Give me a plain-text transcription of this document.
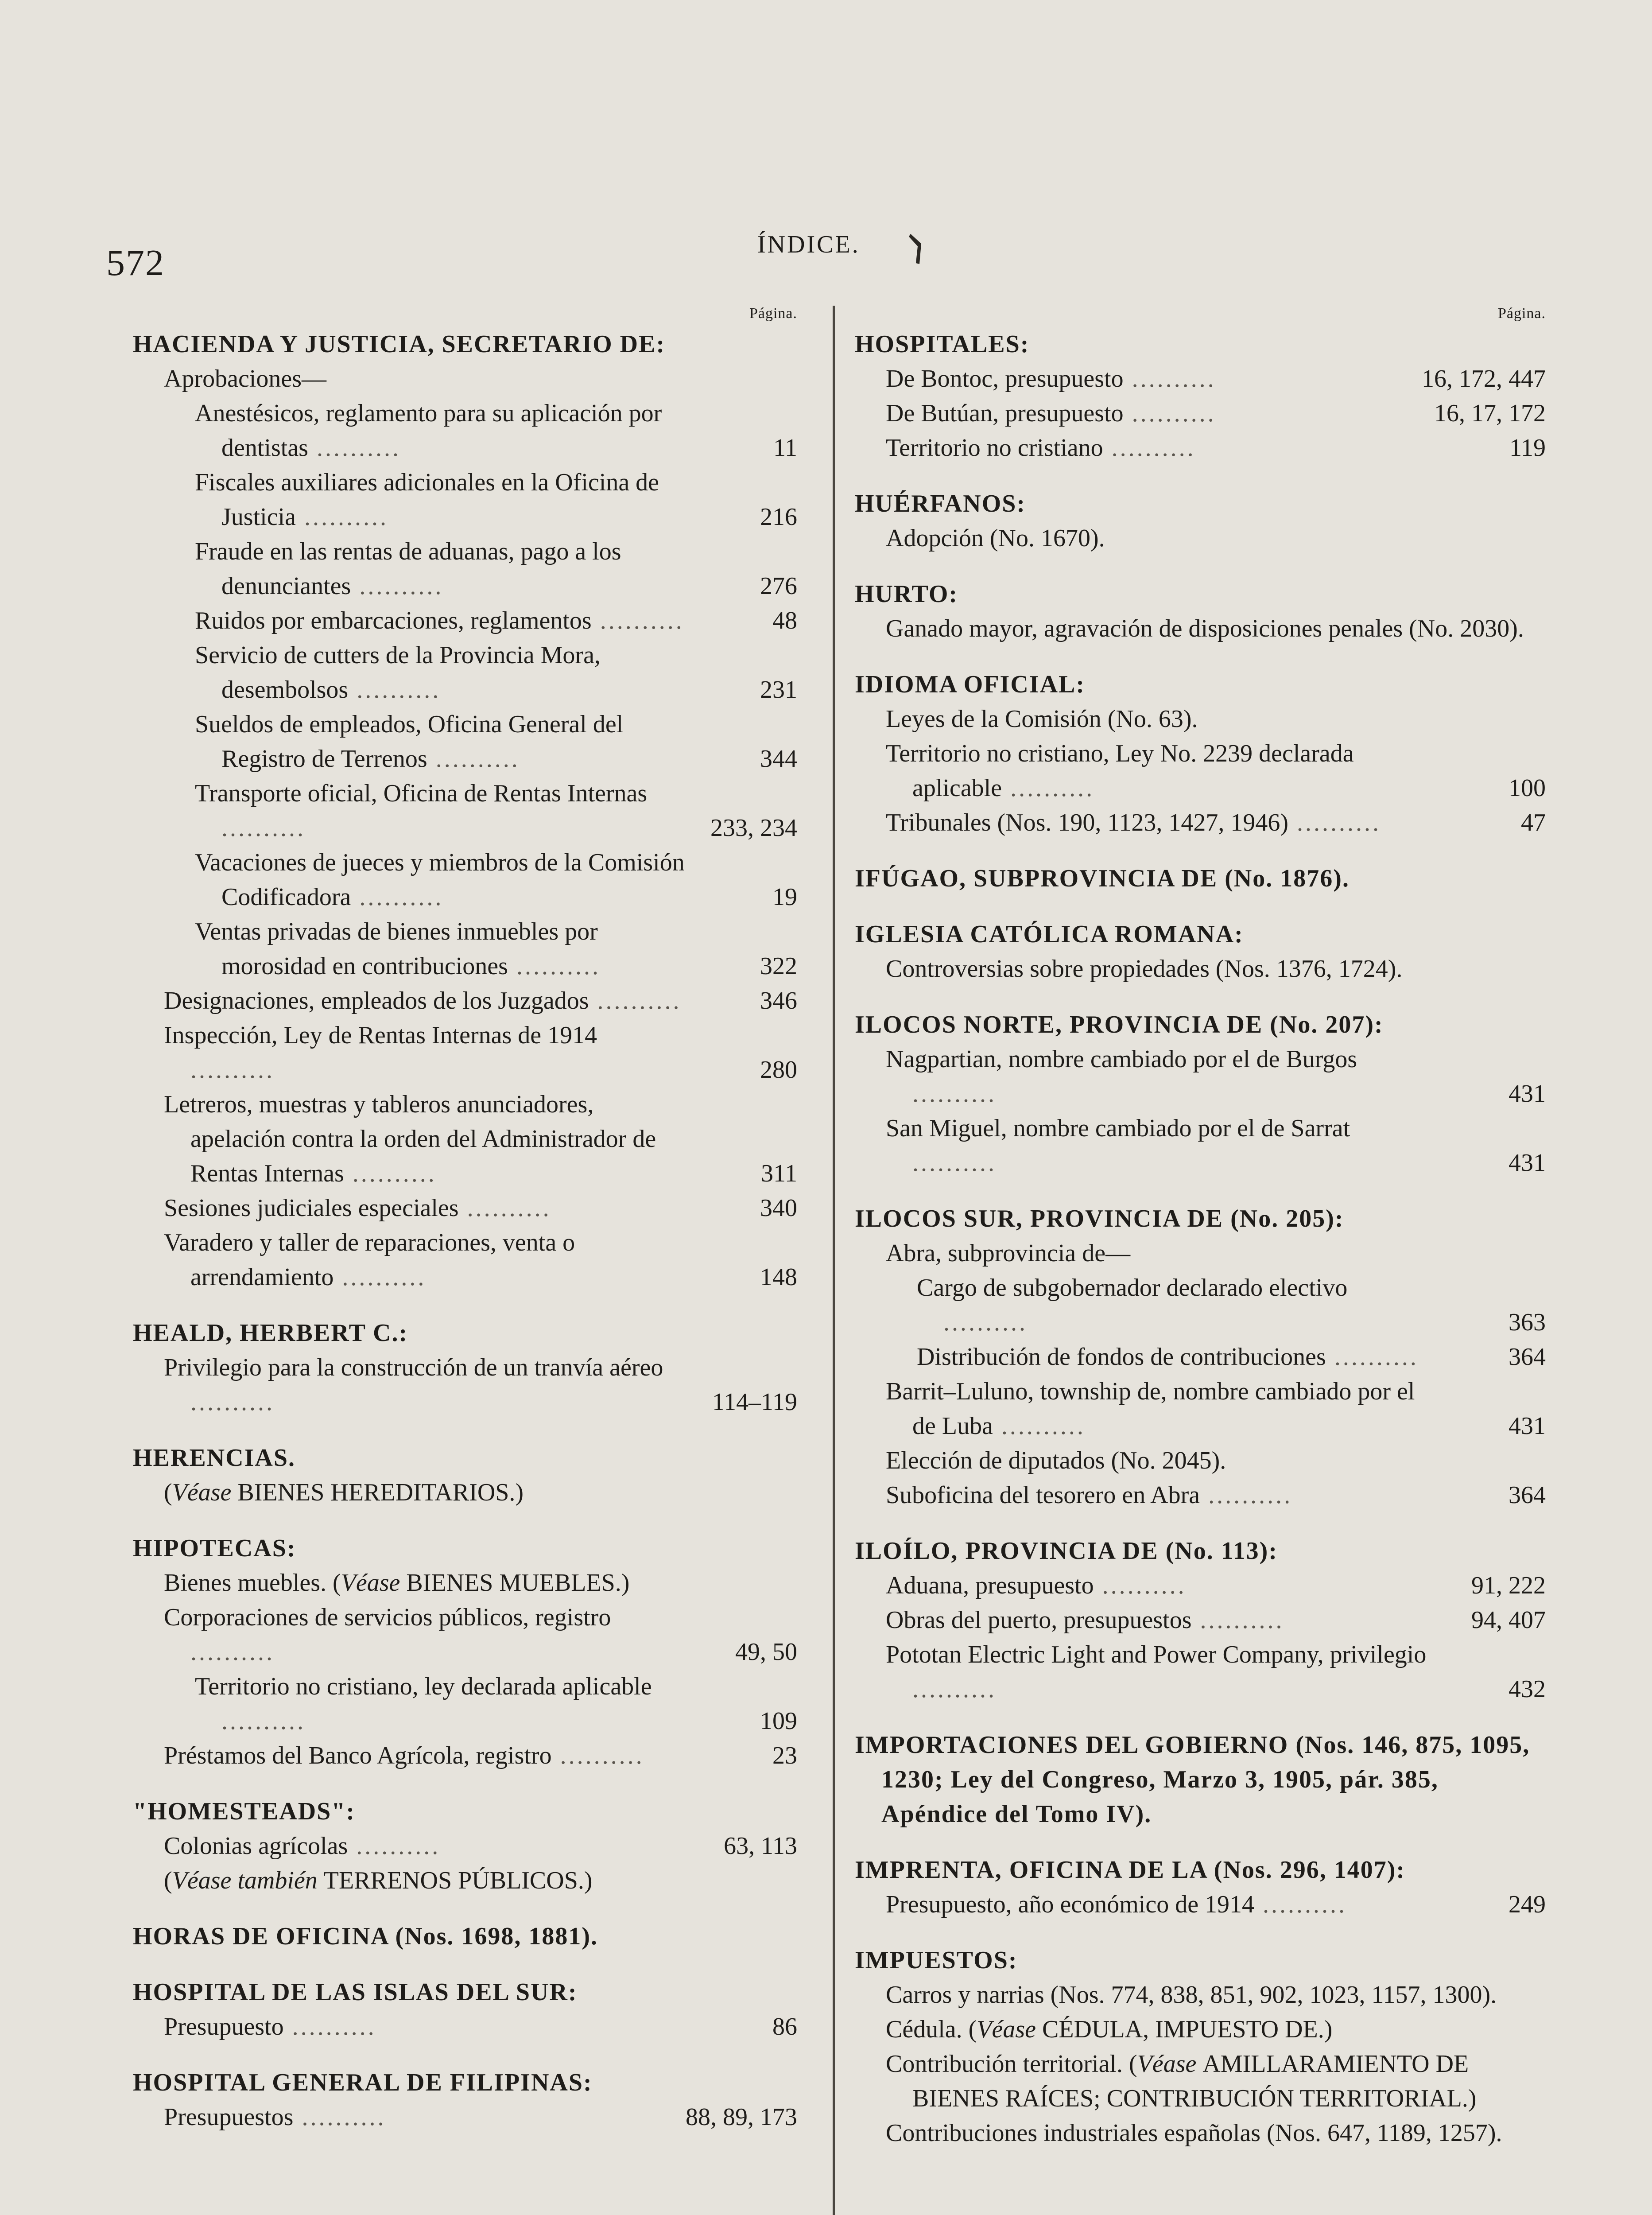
572	ÍNDICE.
Página.
HACIENDA Y JUSTICIA, SECRETARIO DE:
Aprobaciones—
Anestésicos, reglamento para su aplicación por dentistas ..........	11
Fiscales auxiliares adicionales en la Oficina de Justicia ..........	216
Fraude en las rentas de aduanas, pago a los denunciantes ..........	276
Ruidos por embarcaciones, reglamentos ..........	48
Servicio de cutters de la Provincia Mora, desembolsos ..........	231
Sueldos de empleados, Oficina General del Registro de Terrenos ..........	344
Transporte oficial, Oficina de Rentas Internas ..........	233, 234
Vacaciones de jueces y miembros de la Comisión Codificadora ..........	19
Ventas privadas de bienes inmuebles por morosidad en contribuciones ..........	322
Designaciones, empleados de los Juzgados ..........	346
Inspección, Ley de Rentas Internas de 1914 ..........	280
Letreros, muestras y tableros anunciadores, apelación contra la orden del Administrador de Rentas Internas ..........	311
Sesiones judiciales especiales ..........	340
Varadero y taller de reparaciones, venta o arrendamiento ..........	148
HEALD, HERBERT C.:
Privilegio para la construcción de un tranvía aéreo ..........	114–119
HERENCIAS.
(Véase BIENES HEREDITARIOS.)
HIPOTECAS:
Bienes muebles. (Véase BIENES MUEBLES.)
Corporaciones de servicios públicos, registro ..........	49, 50
Territorio no cristiano, ley declarada aplicable ..........	109
Préstamos del Banco Agrícola, registro ..........	23
"HOMESTEADS":
Colonias agrícolas ..........	63, 113
(Véase también TERRENOS PÚBLICOS.)
HORAS DE OFICINA (Nos. 1698, 1881).
HOSPITAL DE LAS ISLAS DEL SUR:
Presupuesto ..........	86
HOSPITAL GENERAL DE FILIPINAS:
Presupuestos ..........	88, 89, 173
Página.
HOSPITALES:
De Bontoc, presupuesto ..........	16, 172, 447
De Butúan, presupuesto ..........	16, 17, 172
Territorio no cristiano ..........	119
HUÉRFANOS:
Adopción (No. 1670).
HURTO:
Ganado mayor, agravación de disposiciones penales (No. 2030).
IDIOMA OFICIAL:
Leyes de la Comisión (No. 63).
Territorio no cristiano, Ley No. 2239 declarada aplicable ..........	100
Tribunales (Nos. 190, 1123, 1427, 1946) ..........	47
IFÚGAO, SUBPROVINCIA DE (No. 1876).
IGLESIA CATÓLICA ROMANA:
Controversias sobre propiedades (Nos. 1376, 1724).
ILOCOS NORTE, PROVINCIA DE (No. 207):
Nagpartian, nombre cambiado por el de Burgos ..........	431
San Miguel, nombre cambiado por el de Sarrat ..........	431
ILOCOS SUR, PROVINCIA DE (No. 205):
Abra, subprovincia de—
Cargo de subgobernador declarado electivo ..........	363
Distribución de fondos de contribuciones ..........	364
Barrit–Luluno, township de, nombre cambiado por el de Luba ..........	431
Elección de diputados (No. 2045).
Suboficina del tesorero en Abra ..........	364
ILOÍLO, PROVINCIA DE (No. 113):
Aduana, presupuesto ..........	91, 222
Obras del puerto, presupuestos ..........	94, 407
Pototan Electric Light and Power Company, privilegio ..........	432
IMPORTACIONES DEL GOBIERNO (Nos. 146, 875, 1095, 1230; Ley del Congreso, Marzo 3, 1905, pár. 385, Apéndice del Tomo IV).
IMPRENTA, OFICINA DE LA (Nos. 296, 1407):
Presupuesto, año económico de 1914 ..........	249
IMPUESTOS:
Carros y narrias (Nos. 774, 838, 851, 902, 1023, 1157, 1300).
Cédula. (Véase CÉDULA, IMPUESTO DE.)
Contribución territorial. (Véase AMILLARAMIENTO DE BIENES RAÍCES; CONTRIBUCIÓN TERRITORIAL.)
Contribuciones industriales españolas (Nos. 647, 1189, 1257).
